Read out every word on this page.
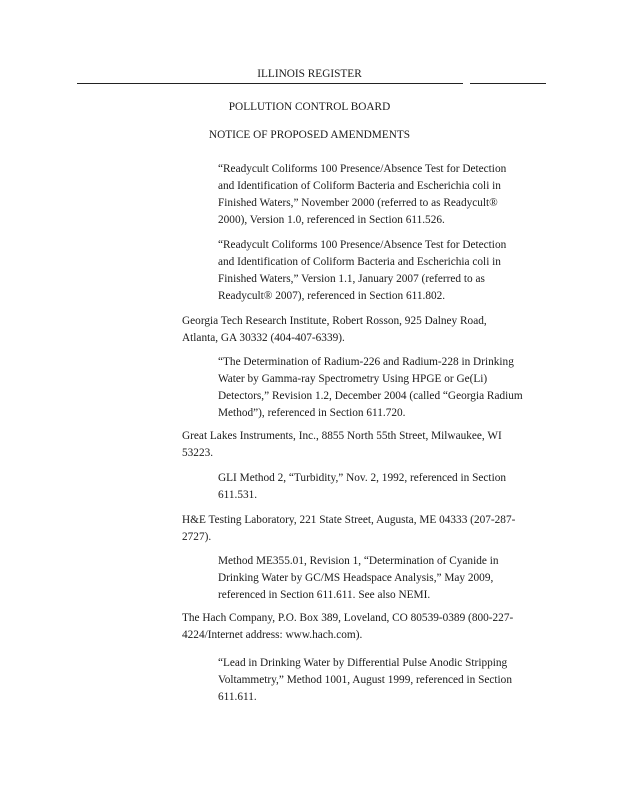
ILLINOIS REGISTER
POLLUTION CONTROL BOARD
NOTICE OF PROPOSED AMENDMENTS

“Readycult Coliforms 100 Presence/Absence Test for Detection
and Identification of Coliform Bacteria and Escherichia coli in
Finished Waters,” November 2000 (referred to as Readycult®
2000), Version 1.0, referenced in Section 611.526.

“Readycult Coliforms 100 Presence/Absence Test for Detection
and Identification of Coliform Bacteria and Escherichia coli in
Finished Waters,” Version 1.1, January 2007 (referred to as
Readycult® 2007), referenced in Section 611.802.

Georgia Tech Research Institute, Robert Rosson, 925 Dalney Road,
Atlanta, GA 30332 (404-407-6339).

“The Determination of Radium-226 and Radium-228 in Drinking
Water by Gamma-ray Spectrometry Using HPGE or Ge(Li)
Detectors,” Revision 1.2, December 2004 (called “Georgia Radium
Method”), referenced in Section 611.720.

Great Lakes Instruments, Inc., 8855 North 55th Street, Milwaukee, WI
53223.

GLI Method 2, “Turbidity,” Nov. 2, 1992, referenced in Section
611.531.

H&E Testing Laboratory, 221 State Street, Augusta, ME 04333 (207-287-
2727).

Method ME355.01, Revision 1, “Determination of Cyanide in
Drinking Water by GC/MS Headspace Analysis,” May 2009,
referenced in Section 611.611. See also NEMI.

The Hach Company, P.O. Box 389, Loveland, CO 80539-0389 (800-227-
4224/Internet address: www.hach.com).

“Lead in Drinking Water by Differential Pulse Anodic Stripping
Voltammetry,” Method 1001, August 1999, referenced in Section
611.611.
